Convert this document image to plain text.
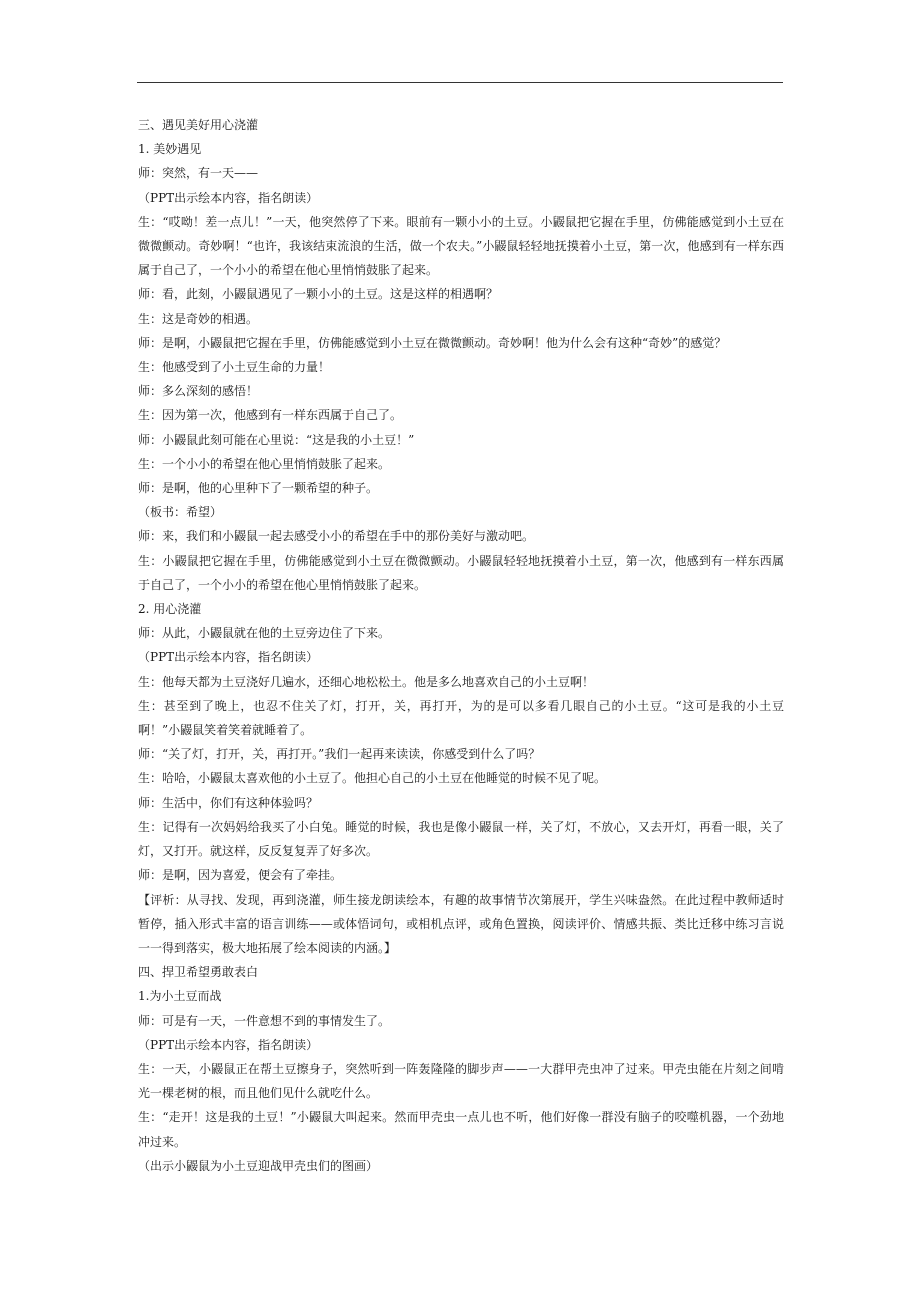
三、遇见美好用心浇灌

1. 美妙遇见

师：突然，有一天——

（PPT出示绘本内容，指名朗读）

生：“哎呦！差一点儿！”一天，他突然停了下来。眼前有一颗小小的土豆。小鼹鼠把它握在手里，仿佛能感觉到小土豆在微微颤动。奇妙啊！“也许，我该结束流浪的生活，做一个农夫。”小鼹鼠轻轻地抚摸着小土豆，第一次，他感到有一样东西属于自己了，一个小小的希望在他心里悄悄鼓胀了起来。

师：看，此刻，小鼹鼠遇见了一颗小小的土豆。这是这样的相遇啊？

生：这是奇妙的相遇。

师：是啊，小鼹鼠把它握在手里，仿佛能感觉到小土豆在微微颤动。奇妙啊！他为什么会有这种“奇妙”的感觉？

生：他感受到了小土豆生命的力量！

师：多么深刻的感悟！

生：因为第一次，他感到有一样东西属于自己了。

师：小鼹鼠此刻可能在心里说：“这是我的小土豆！”

生：一个小小的希望在他心里悄悄鼓胀了起来。

师：是啊，他的心里种下了一颗希望的种子。

（板书：希望）

师：来，我们和小鼹鼠一起去感受小小的希望在手中的那份美好与激动吧。

生：小鼹鼠把它握在手里，仿佛能感觉到小土豆在微微颤动。小鼹鼠轻轻地抚摸着小土豆，第一次，他感到有一样东西属于自己了，一个小小的希望在他心里悄悄鼓胀了起来。

2. 用心浇灌

师：从此，小鼹鼠就在他的土豆旁边住了下来。

（PPT出示绘本内容，指名朗读）

生：他每天都为土豆浇好几遍水，还细心地松松土。他是多么地喜欢自己的小土豆啊！

生：甚至到了晚上，也忍不住关了灯，打开，关，再打开，为的是可以多看几眼自己的小土豆。“这可是我的小土豆啊！”小鼹鼠笑着笑着就睡着了。

师：“关了灯，打开，关，再打开。”我们一起再来读读，你感受到什么了吗？

生：哈哈，小鼹鼠太喜欢他的小土豆了。他担心自己的小土豆在他睡觉的时候不见了呢。

师：生活中，你们有这种体验吗？

生：记得有一次妈妈给我买了小白兔。睡觉的时候，我也是像小鼹鼠一样，关了灯，不放心，又去开灯，再看一眼，关了灯，又打开。就这样，反反复复弄了好多次。

师：是啊，因为喜爱，便会有了牵挂。

【评析：从寻找、发现，再到浇灌，师生接龙朗读绘本，有趣的故事情节次第展开，学生兴味盎然。在此过程中教师适时暂停，插入形式丰富的语言训练——或体悟词句，或相机点评，或角色置换，阅读评价、情感共振、类比迁移中练习言说一一得到落实，极大地拓展了绘本阅读的内涵。】

四、捍卫希望勇敢表白

1.为小土豆而战

师：可是有一天，一件意想不到的事情发生了。

（PPT出示绘本内容，指名朗读）

生：一天，小鼹鼠正在帮土豆擦身子，突然听到一阵轰隆隆的脚步声——一大群甲壳虫冲了过来。甲壳虫能在片刻之间啃光一棵老树的根，而且他们见什么就吃什么。

生：“走开！这是我的土豆！”小鼹鼠大叫起来。然而甲壳虫一点儿也不听，他们好像一群没有脑子的咬噬机器，一个劲地冲过来。

（出示小鼹鼠为小土豆迎战甲壳虫们的图画）
